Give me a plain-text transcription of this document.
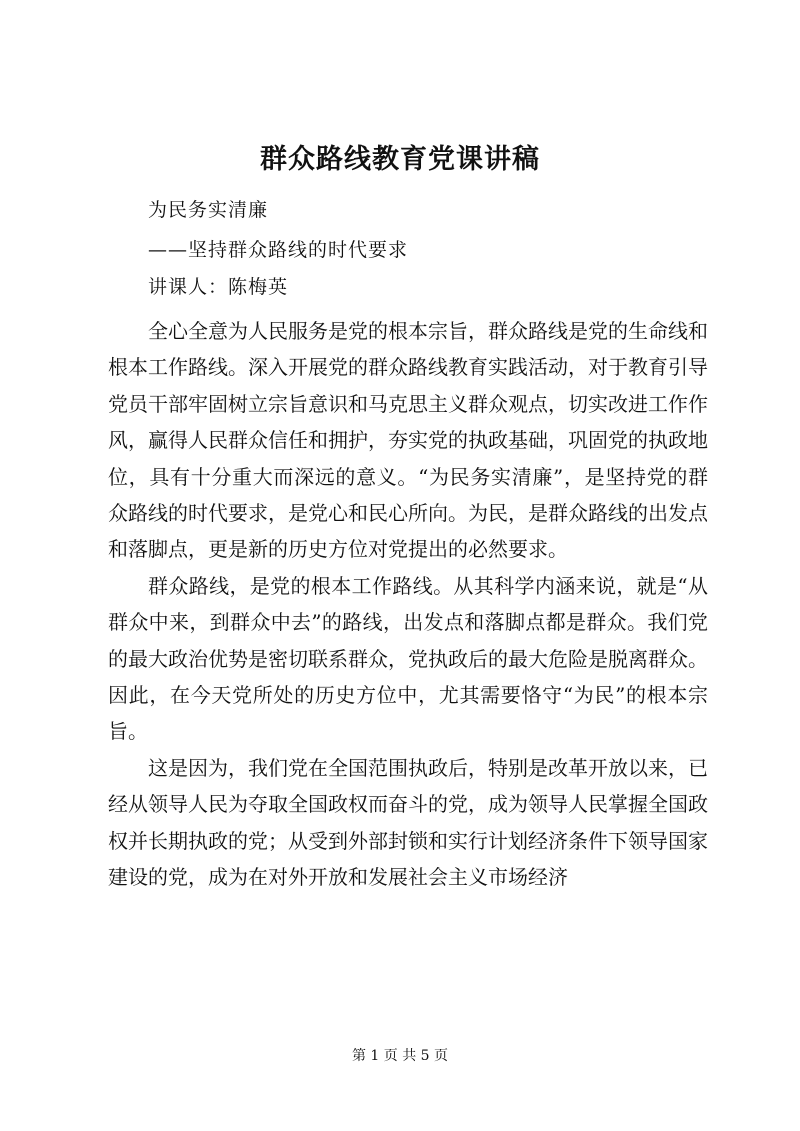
群众路线教育党课讲稿
为民务实清廉
——坚持群众路线的时代要求
讲课人：陈梅英

全心全意为人民服务是党的根本宗旨，群众路线是党的生命线和根本工作路线。深入开展党的群众路线教育实践活动，对于教育引导党员干部牢固树立宗旨意识和马克思主义群众观点，切实改进工作作风，赢得人民群众信任和拥护，夯实党的执政基础，巩固党的执政地位，具有十分重大而深远的意义。“为民务实清廉”，是坚持党的群众路线的时代要求，是党心和民心所向。为民，是群众路线的出发点和落脚点，更是新的历史方位对党提出的必然要求。

群众路线，是党的根本工作路线。从其科学内涵来说，就是“从群众中来，到群众中去”的路线，出发点和落脚点都是群众。我们党的最大政治优势是密切联系群众，党执政后的最大危险是脱离群众。因此，在今天党所处的历史方位中，尤其需要恪守“为民”的根本宗旨。

这是因为，我们党在全国范围执政后，特别是改革开放以来，已经从领导人民为夺取全国政权而奋斗的党，成为领导人民掌握全国政权并长期执政的党；从受到外部封锁和实行计划经济条件下领导国家建设的党，成为在对外开放和发展社会主义市场经济

第 1 页 共 5 页
